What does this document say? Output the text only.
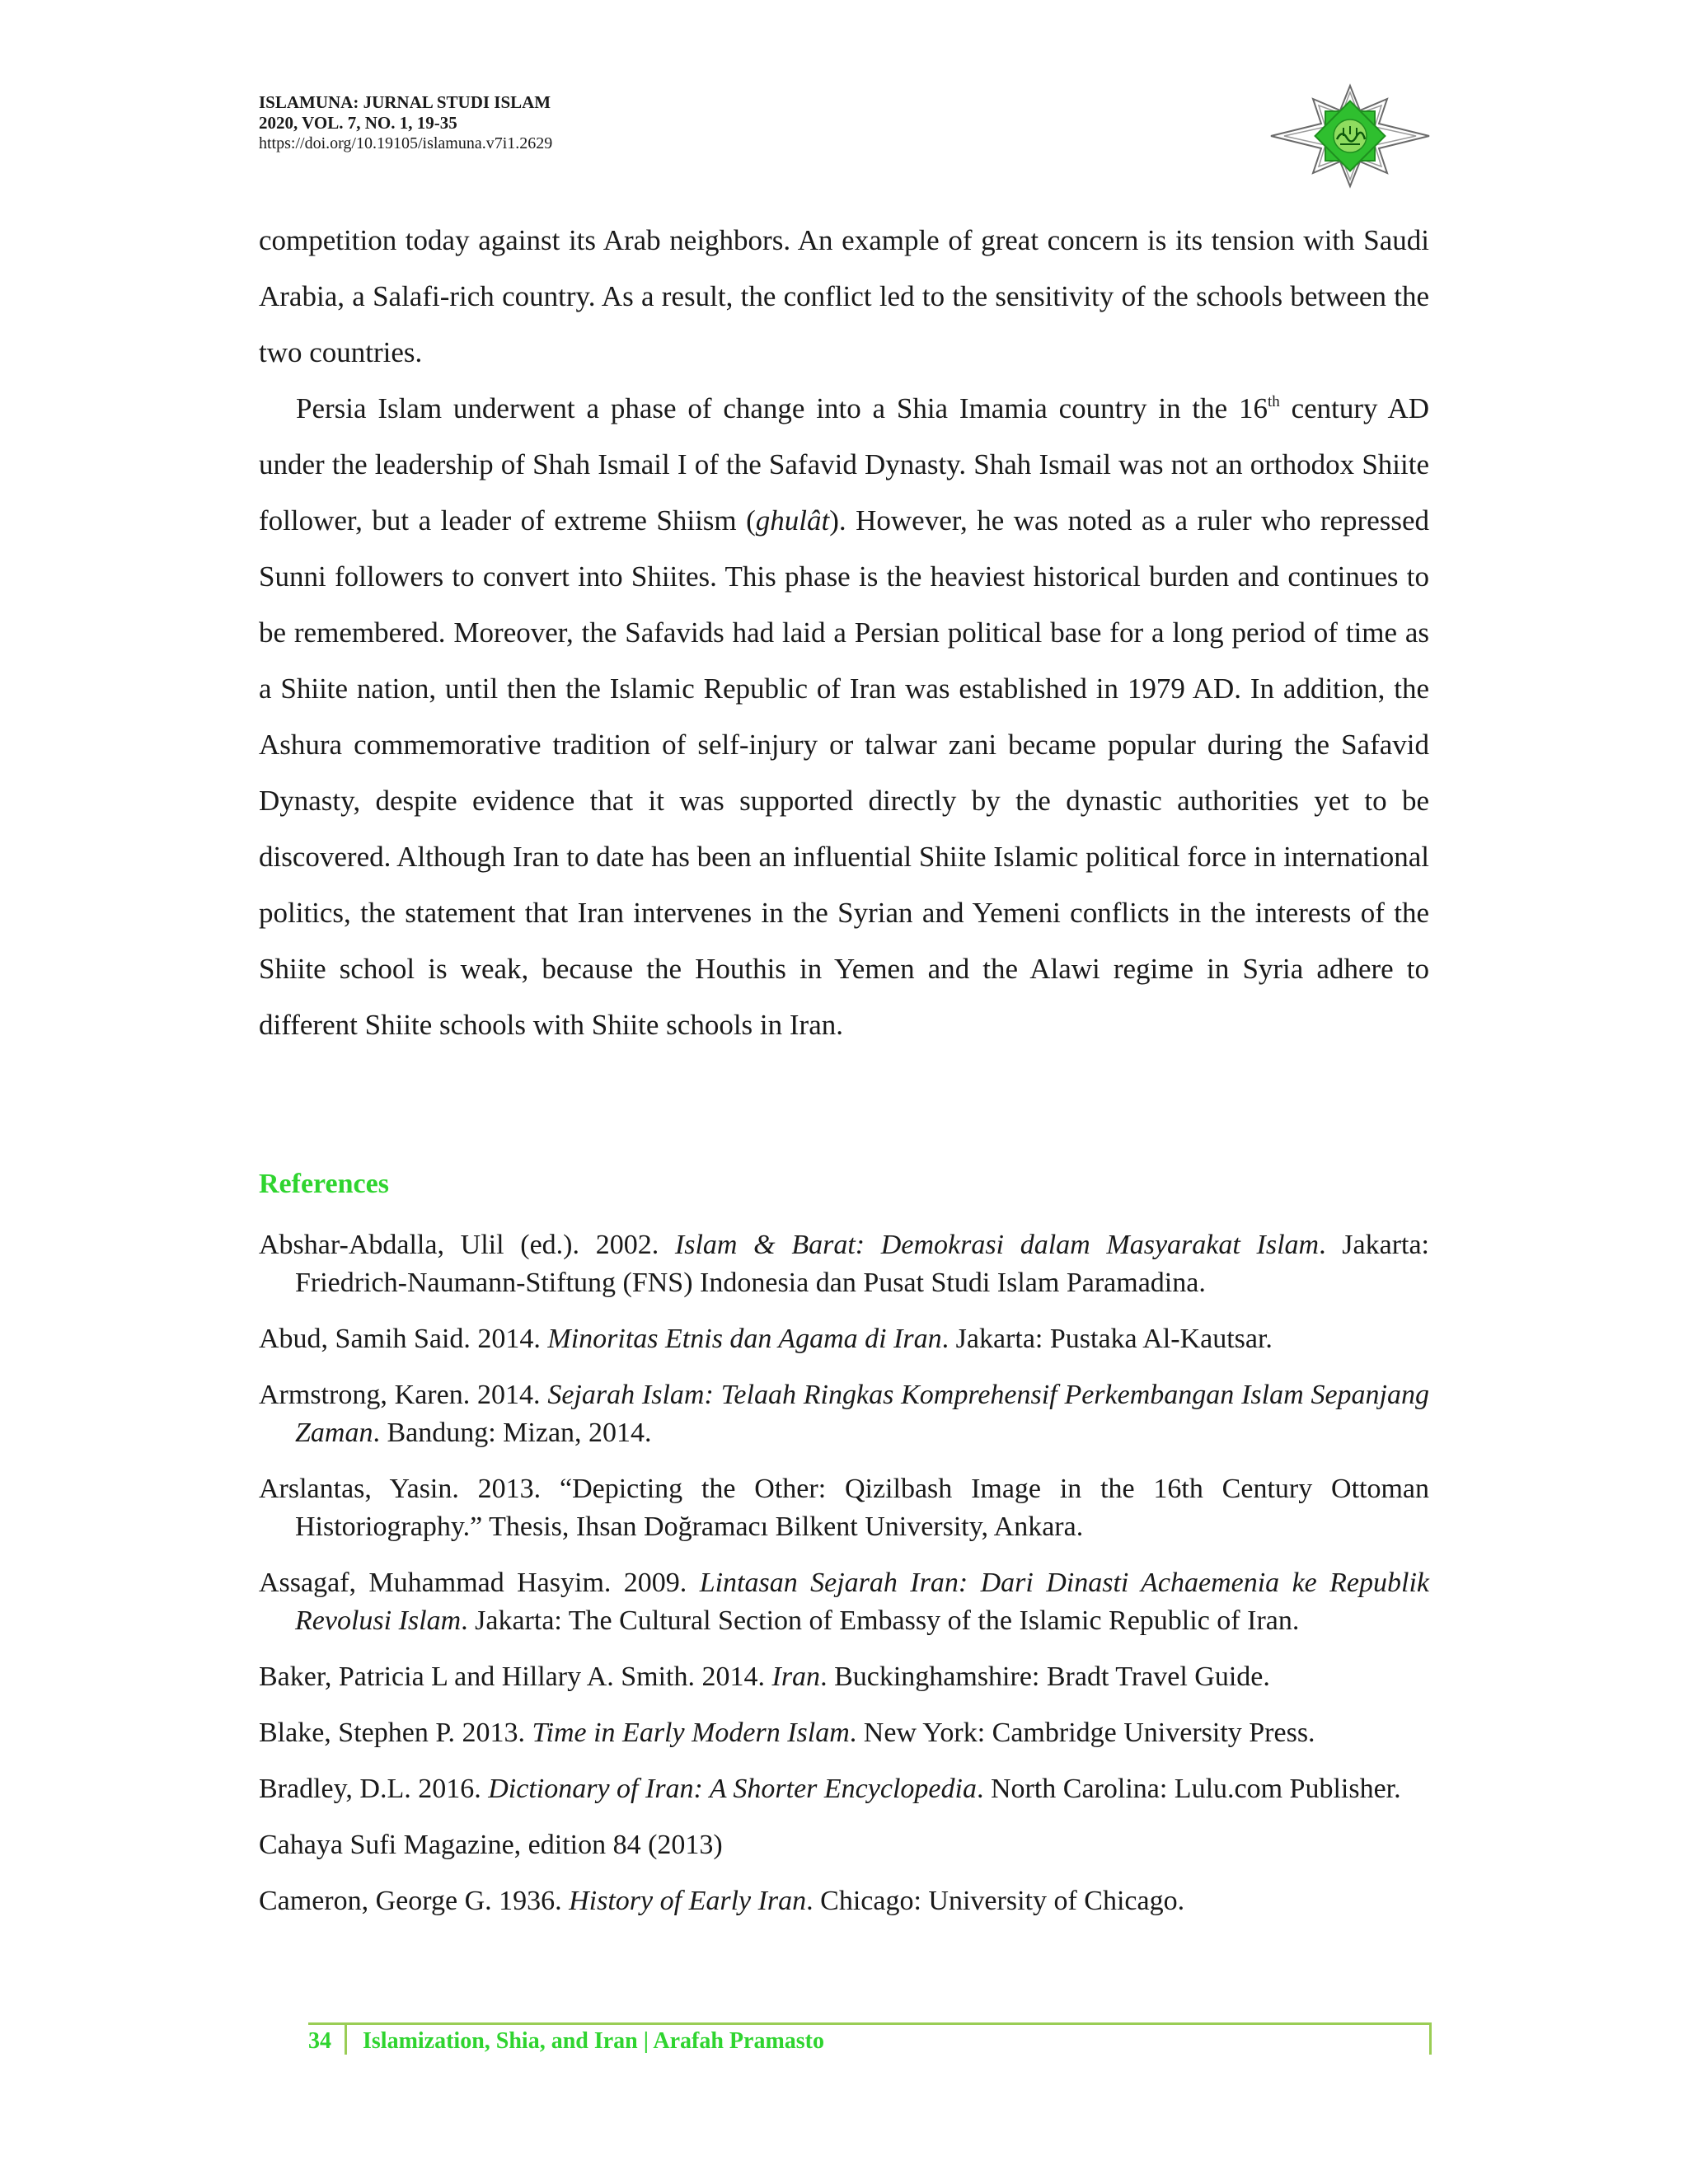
ISLAMUNA: JURNAL STUDI ISLAM

2020, VOL. 7, NO. 1, 19-35

https://doi.org/10.19105/islamuna.v7i1.2629

competition today against its Arab neighbors. An example of great concern is its tension with Saudi Arabia, a Salafi-rich country. As a result, the conflict led to the sensitivity of the schools between the two countries.

Persia Islam underwent a phase of change into a Shia Imamia country in the 16th century AD under the leadership of Shah Ismail I of the Safavid Dynasty. Shah Ismail was not an orthodox Shiite follower, but a leader of extreme Shiism (ghulât). However, he was noted as a ruler who repressed Sunni followers to convert into Shiites. This phase is the heaviest historical burden and continues to be remembered. Moreover, the Safavids had laid a Persian political base for a long period of time as a Shiite nation, until then the Islamic Republic of Iran was established in 1979 AD. In addition, the Ashura commemorative tradition of self-injury or talwar zani became popular during the Safavid Dynasty, despite evidence that it was supported directly by the dynastic authorities yet to be discovered. Although Iran to date has been an influential Shiite Islamic political force in international politics, the statement that Iran intervenes in the Syrian and Yemeni conflicts in the interests of the Shiite school is weak, because the Houthis in Yemen and the Alawi regime in Syria adhere to different Shiite schools with Shiite schools in Iran.

References

Abshar-Abdalla, Ulil (ed.). 2002. Islam & Barat: Demokrasi dalam Masyarakat Islam. Jakarta: Friedrich-Naumann-Stiftung (FNS) Indonesia dan Pusat Studi Islam Paramadina.

Abud, Samih Said. 2014. Minoritas Etnis dan Agama di Iran. Jakarta: Pustaka Al-Kautsar.

Armstrong, Karen. 2014. Sejarah Islam: Telaah Ringkas Komprehensif Perkembangan Islam Sepanjang Zaman. Bandung: Mizan, 2014.

Arslantas, Yasin. 2013. “Depicting the Other: Qizilbash Image in the 16th Century Ottoman Historiography.” Thesis, Ihsan Doğramacı Bilkent University, Ankara.

Assagaf, Muhammad Hasyim. 2009. Lintasan Sejarah Iran: Dari Dinasti Achaemenia ke Republik Revolusi Islam. Jakarta: The Cultural Section of Embassy of the Islamic Republic of Iran.

Baker, Patricia L and Hillary A. Smith. 2014. Iran. Buckinghamshire: Bradt Travel Guide.

Blake, Stephen P. 2013. Time in Early Modern Islam. New York: Cambridge University Press.

Bradley, D.L. 2016. Dictionary of Iran: A Shorter Encyclopedia. North Carolina: Lulu.com Publisher.

Cahaya Sufi Magazine, edition 84 (2013)

Cameron, George G. 1936. History of Early Iran. Chicago: University of Chicago.

34 Islamization, Shia, and Iran | Arafah Pramasto
